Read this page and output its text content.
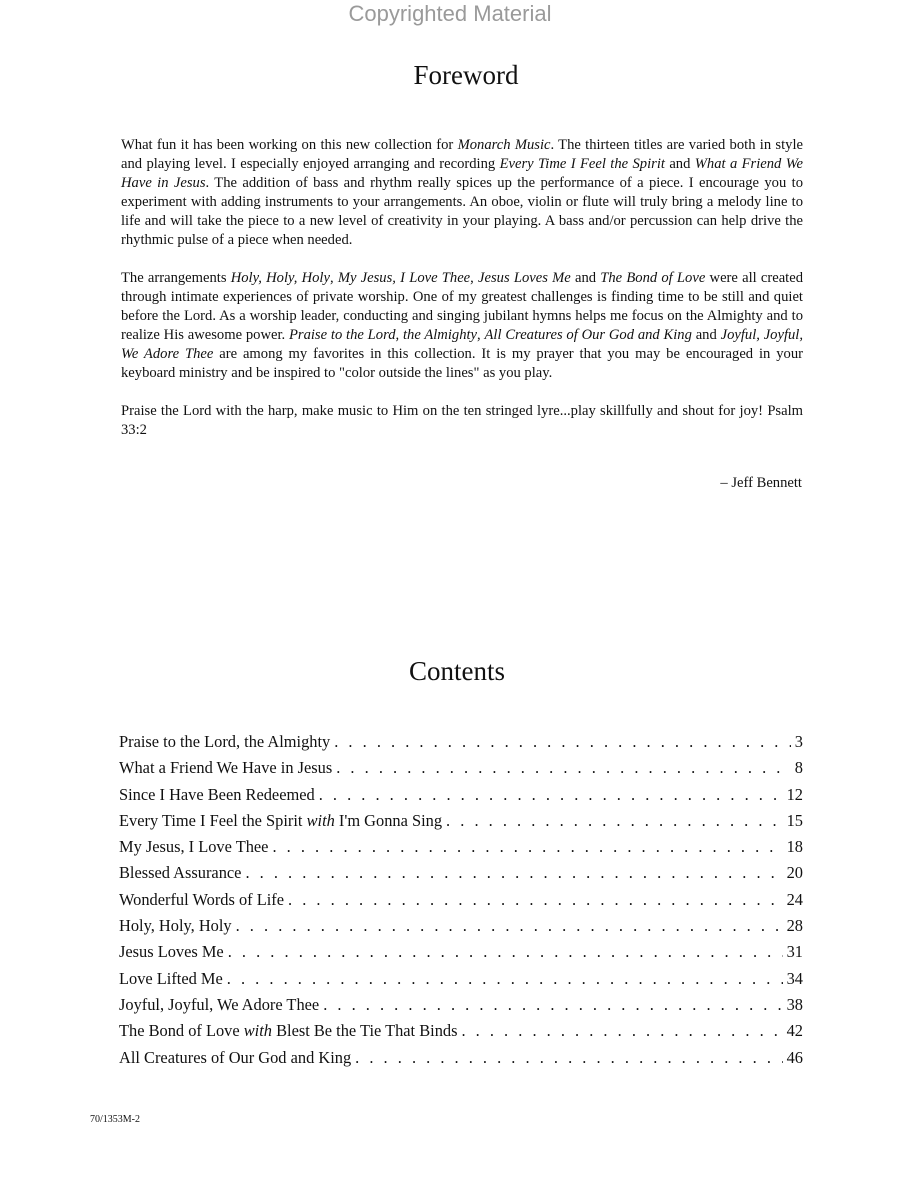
Copyrighted Material
Foreword

What fun it has been working on this new collection for Monarch Music. The thirteen titles are varied both in style and playing level. I especially enjoyed arranging and recording Every Time I Feel the Spirit and What a Friend We Have in Jesus. The addition of bass and rhythm really spices up the performance of a piece. I encourage you to experiment with adding instruments to your arrangements. An oboe, violin or flute will truly bring a melody line to life and will take the piece to a new level of creativity in your playing. A bass and/or percussion can help drive the rhythmic pulse of a piece when needed.

The arrangements Holy, Holy, Holy, My Jesus, I Love Thee, Jesus Loves Me and The Bond of Love were all created through intimate experiences of private worship. One of my greatest challenges is finding time to be still and quiet before the Lord. As a worship leader, conducting and singing jubilant hymns helps me focus on the Almighty and to realize His awesome power. Praise to the Lord, the Almighty, All Creatures of Our God and King and Joyful, Joyful, We Adore Thee are among my favorites in this collection. It is my prayer that you may be encouraged in your keyboard ministry and be inspired to "color outside the lines" as you play.

Praise the Lord with the harp, make music to Him on the ten stringed lyre...play skillfully and shout for joy! Psalm 33:2

– Jeff Bennett
Contents
Praise to the Lord, the Almighty . . .	3
What a Friend We Have in Jesus . . .	8
Since I Have Been Redeemed . . .	12
Every Time I Feel the Spirit with I'm Gonna Sing . . .	15
My Jesus, I Love Thee . . .	18
Blessed Assurance . . .	20
Wonderful Words of Life . . .	24
Holy, Holy, Holy . . .	28
Jesus Loves Me . . .	31
Love Lifted Me . . .	34
Joyful, Joyful, We Adore Thee . . .	38
The Bond of Love with Blest Be the Tie That Binds . . .	42
All Creatures of Our God and King . . .	46
70/1353M-2
